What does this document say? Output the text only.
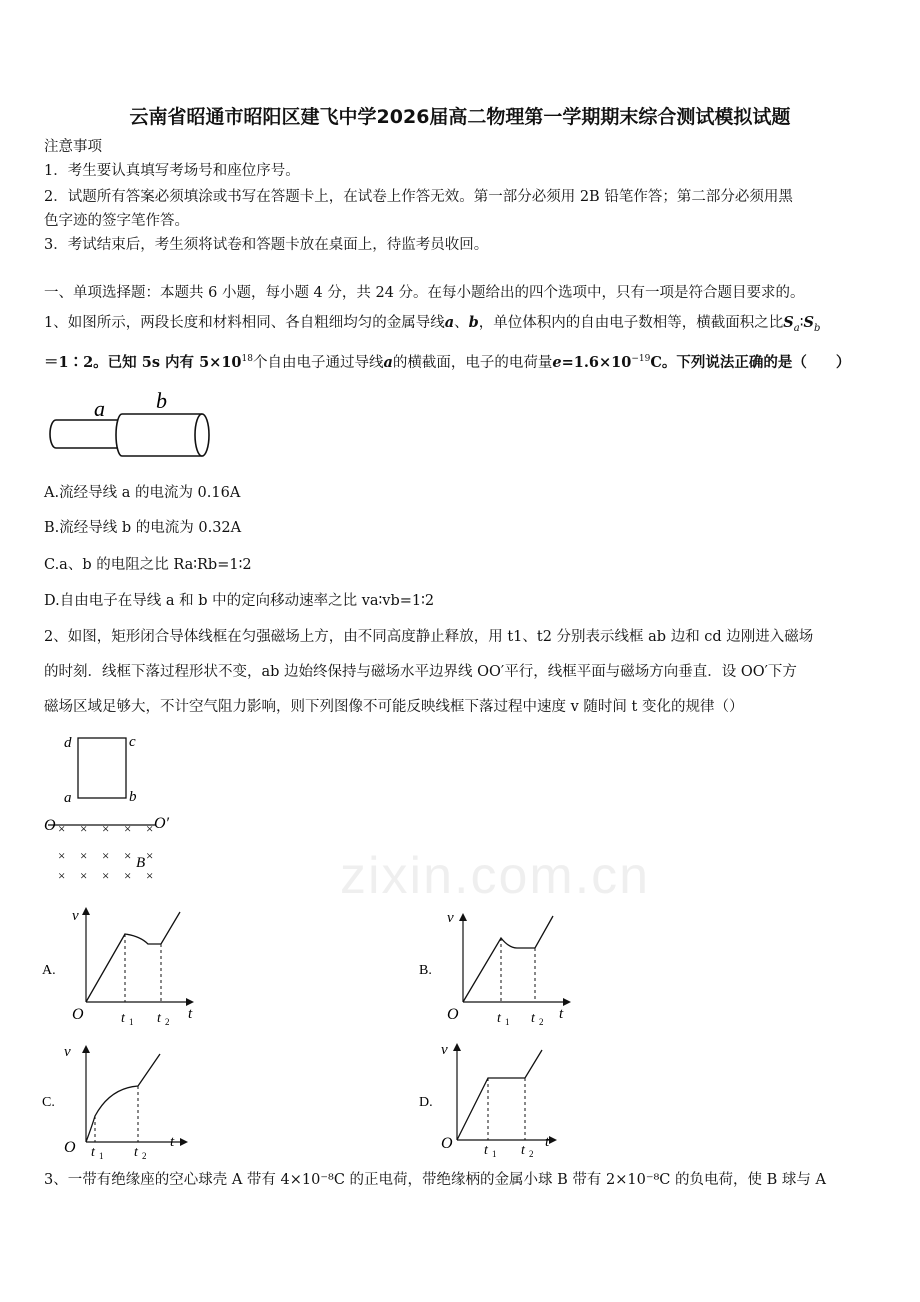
云南省昭通市昭阳区建飞中学2026届高二物理第一学期期末综合测试模拟试题
注意事项
1．考生要认真填写考场号和座位序号。
2．试题所有答案必须填涂或书写在答题卡上，在试卷上作答无效。第一部分必须用 2B 铅笔作答；第二部分必须用黑
色字迹的签字笔作答。
3．考试结束后，考生须将试卷和答题卡放在桌面上，待监考员收回。
一、单项选择题：本题共 6 小题，每小题 4 分，共 24 分。在每小题给出的四个选项中，只有一项是符合题目要求的。
1、如图所示，两段长度和材料相同、各自粗细均匀的金属导线a、b，单位体积内的自由电子数相等，横截面积之比$S_a∶S_b$
＝1∶2。已知 5s 内有 $5\times 10^{18}$个自由电子通过导线a的横截面，电子的电荷量$e=1.6\times 10^{-19}C$。下列说法正确的是（　　）
a b
A.流经导线 a 的电流为 0.16A
B.流经导线 b 的电流为 0.32A
C.a、b 的电阻之比 Ra∶Rb=1∶2
D.自由电子在导线 a 和 b 中的定向移动速率之比 va∶vb=1∶2
2、如图，矩形闭合导体线框在匀强磁场上方，由不同高度静止释放，用 t1、t2 分别表示线框 ab 边和 cd 边刚进入磁场
的时刻．线框下落过程形状不变，ab 边始终保持与磁场水平边界线 OO′平行，线框平面与磁场方向垂直．设 OO′下方
磁场区域足够大，不计空气阻力影响，则下列图像不可能反映线框下落过程中速度 v 随时间 t 变化的规律（）
d	c
a	b
O	O′
× × × × ×
× × × × ×
× × × × ×
B
A.
v
O	t
t 1 t 2
B.
v
O	t
t 1 t 2
C.
v
O	t
t 1 t 2
D.
v
O	t
t 1 t 2
zixin.com.cn
3、一带有绝缘座的空心球壳 A 带有 4×10⁻⁸C 的正电荷，带绝缘柄的金属小球 B 带有 2×10⁻⁸C 的负电荷，使 B 球与 A
